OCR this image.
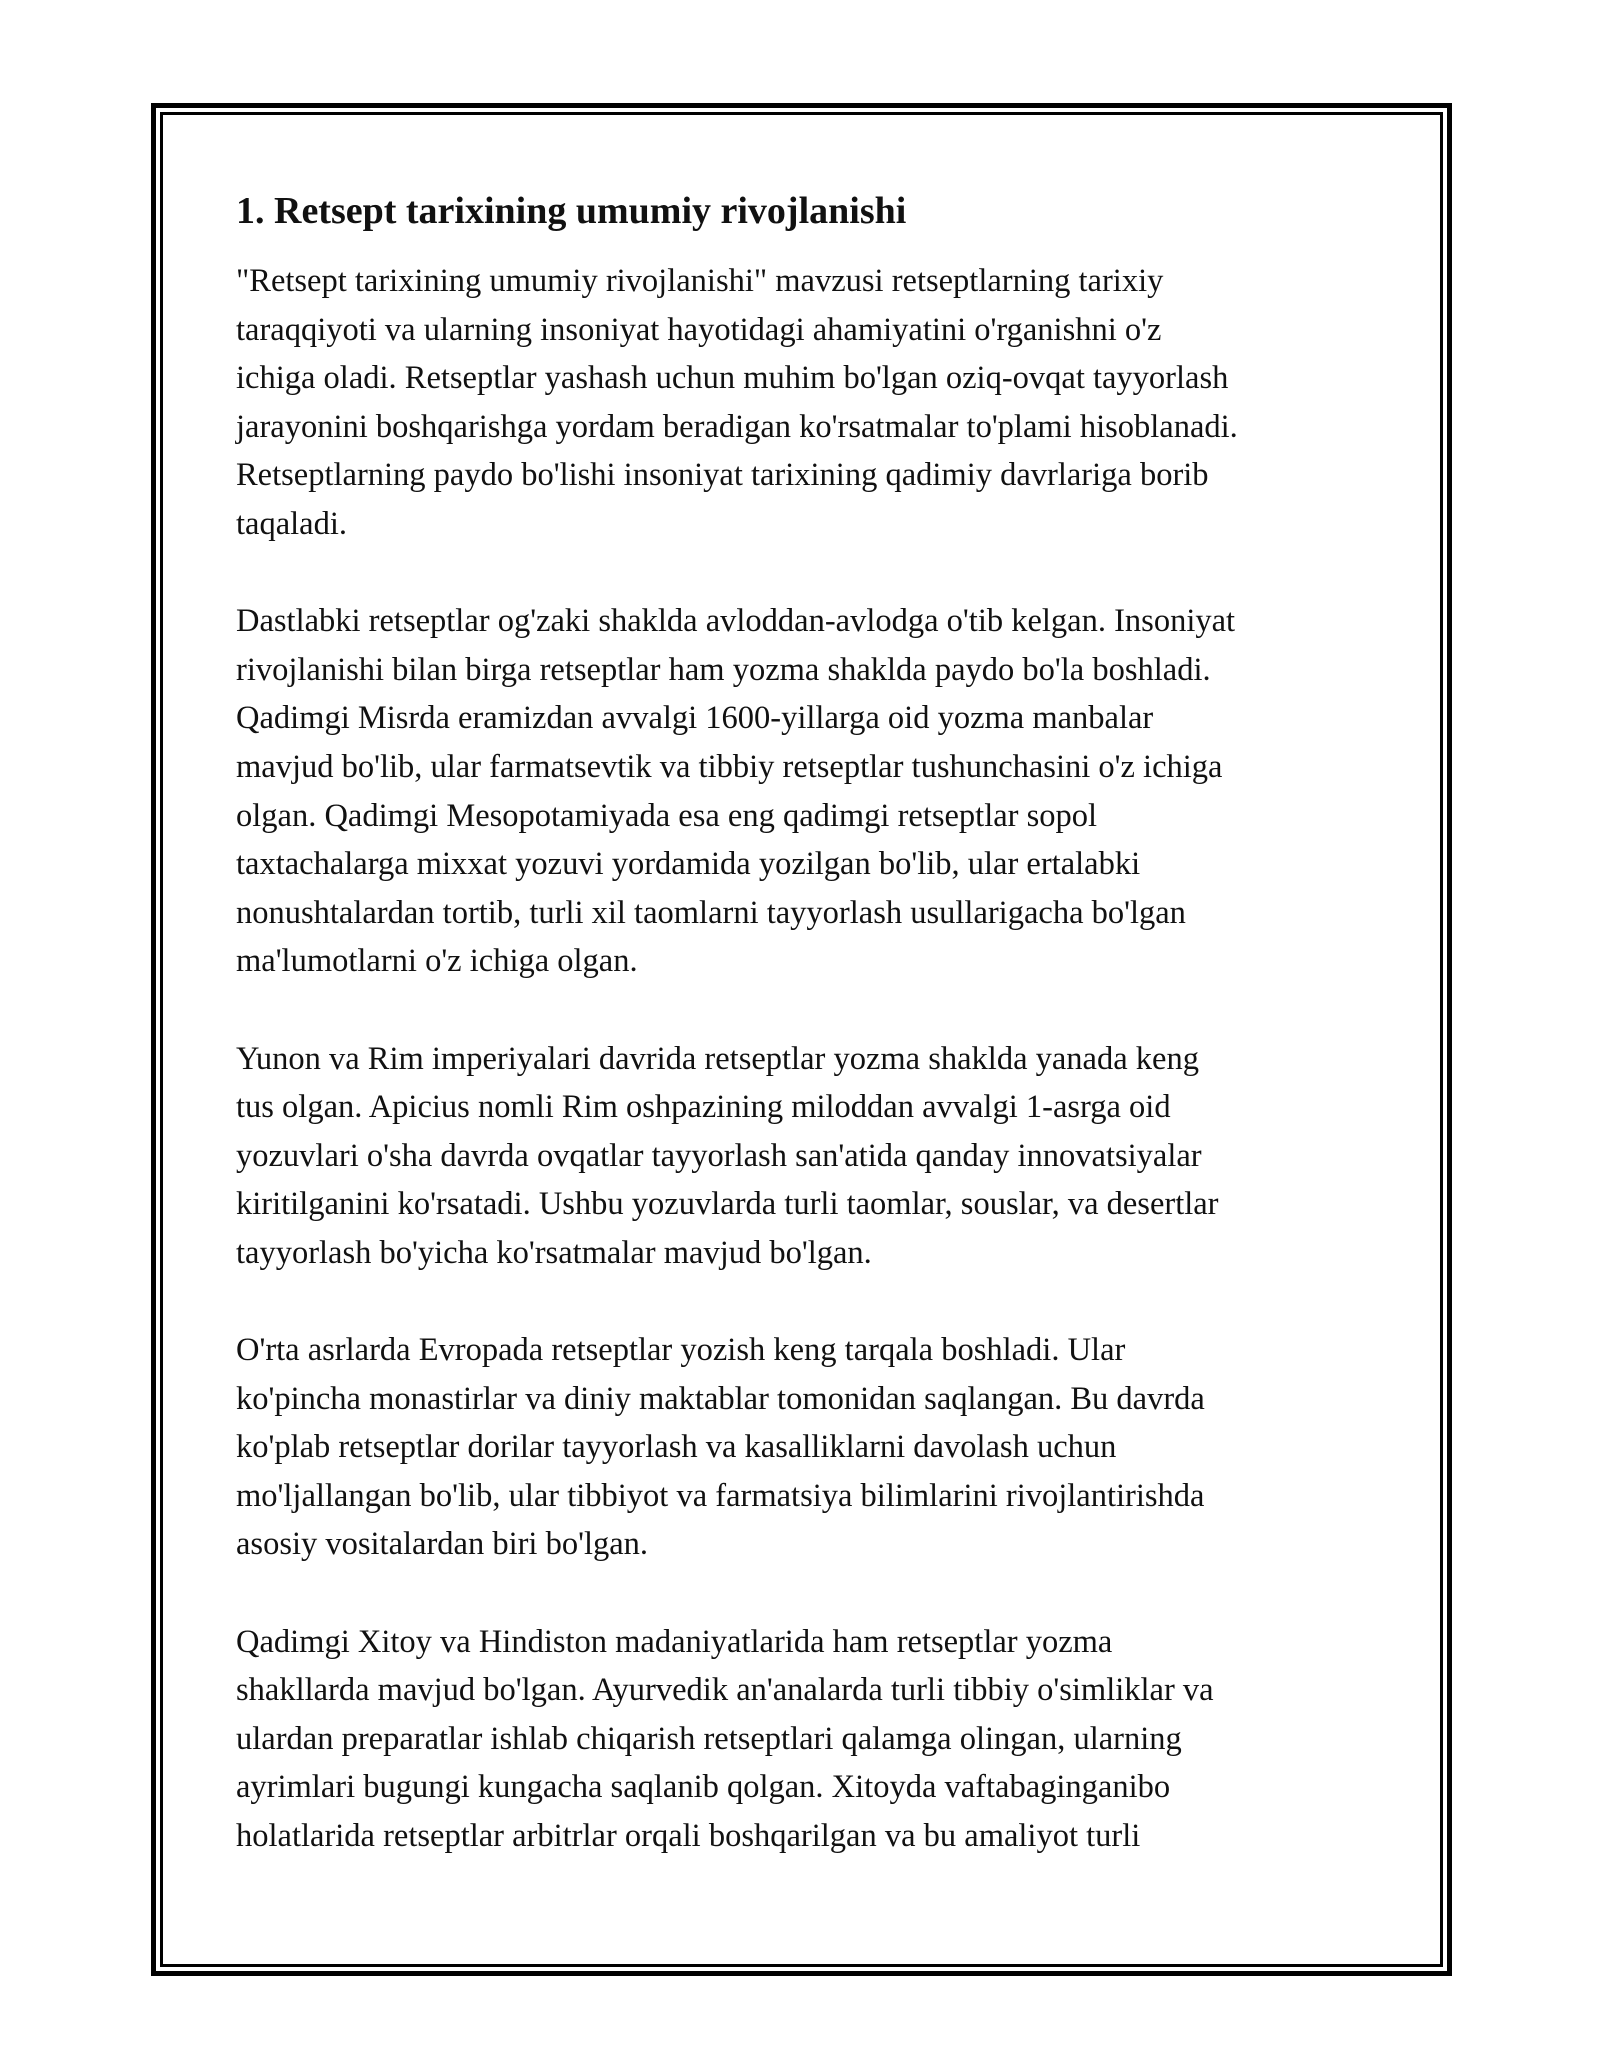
1. Retsept tarixining umumiy rivojlanishi

"Retsept tarixining umumiy rivojlanishi" mavzusi retseptlarning tarixiy
taraqqiyoti va ularning insoniyat hayotidagi ahamiyatini o'rganishni o'z
ichiga oladi. Retseptlar yashash uchun muhim bo'lgan oziq-ovqat tayyorlash
jarayonini boshqarishga yordam beradigan ko'rsatmalar to'plami hisoblanadi.
Retseptlarning paydo bo'lishi insoniyat tarixining qadimiy davrlariga borib
taqaladi.

Dastlabki retseptlar og'zaki shaklda avloddan-avlodga o'tib kelgan. Insoniyat
rivojlanishi bilan birga retseptlar ham yozma shaklda paydo bo'la boshladi.
Qadimgi Misrda eramizdan avvalgi 1600-yillarga oid yozma manbalar
mavjud bo'lib, ular farmatsevtik va tibbiy retseptlar tushunchasini o'z ichiga
olgan. Qadimgi Mesopotamiyada esa eng qadimgi retseptlar sopol
taxtachalarga mixxat yozuvi yordamida yozilgan bo'lib, ular ertalabki
nonushtalardan tortib, turli xil taomlarni tayyorlash usullarigacha bo'lgan
ma'lumotlarni o'z ichiga olgan.

Yunon va Rim imperiyalari davrida retseptlar yozma shaklda yanada keng
tus olgan. Apicius nomli Rim oshpazining miloddan avvalgi 1-asrga oid
yozuvlari o'sha davrda ovqatlar tayyorlash san'atida qanday innovatsiyalar
kiritilganini ko'rsatadi. Ushbu yozuvlarda turli taomlar, souslar, va desertlar
tayyorlash bo'yicha ko'rsatmalar mavjud bo'lgan.

O'rta asrlarda Evropada retseptlar yozish keng tarqala boshladi. Ular
ko'pincha monastirlar va diniy maktablar tomonidan saqlangan. Bu davrda
ko'plab retseptlar dorilar tayyorlash va kasalliklarni davolash uchun
mo'ljallangan bo'lib, ular tibbiyot va farmatsiya bilimlarini rivojlantirishda
asosiy vositalardan biri bo'lgan.

Qadimgi Xitoy va Hindiston madaniyatlarida ham retseptlar yozma
shakllarda mavjud bo'lgan. Ayurvedik an'analarda turli tibbiy o'simliklar va
ulardan preparatlar ishlab chiqarish retseptlari qalamga olingan, ularning
ayrimlari bugungi kungacha saqlanib qolgan. Xitoyda vaftabaginganibo
holatlarida retseptlar arbitrlar orqali boshqarilgan va bu amaliyot turli
